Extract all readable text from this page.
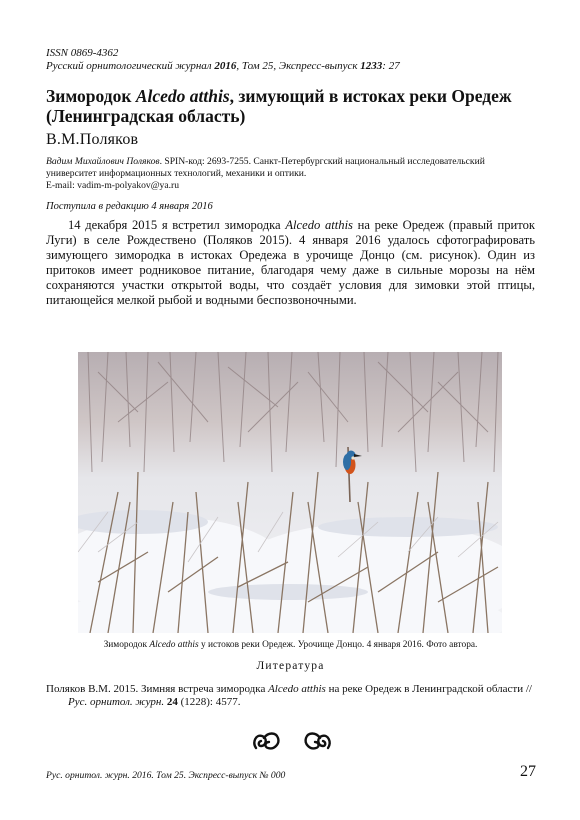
ISSN 0869-4362
Русский орнитологический журнал 2016, Том 25, Экспресс-выпуск 1233: 27
Зимородок Alcedo atthis, зимующий в истоках реки Оредеж (Ленинградская область)
В.М.Поляков
Вадим Михайлович Поляков. SPIN-код: 2693-7255. Санкт-Петербургский национальный исследовательский университет информационных технологий, механики и оптики.
E-mail: vadim-m-polyakov@ya.ru
Поступила в редакцию 4 января 2016

14 декабря 2015 я встретил зимородка Alcedo atthis на реке Оредеж (правый приток Луги) в селе Рождествено (Поляков 2015). 4 января 2016 удалось сфотографировать зимующего зимородка в истоках Оредежа в урочище Донцо (см. рисунок). Один из притоков имеет родниковое питание, благодаря чему даже в сильные морозы на нём сохраняются участки открытой воды, что создаёт условия для зимовки этой птицы, питающейся мелкой рыбой и водными беспозвоночными.

Зимородок Alcedo atthis у истоков реки Оредеж. Урочище Донцо. 4 января 2016. Фото автора.
Литература
Поляков В.М. 2015. Зимняя встреча зимородка Alcedo atthis на реке Оредеж в Ленинградской области // Рус. орнитол. журн. 24 (1228): 4577.
Рус. орнитол. журн. 2016. Том 25. Экспресс-выпуск № 000	27
